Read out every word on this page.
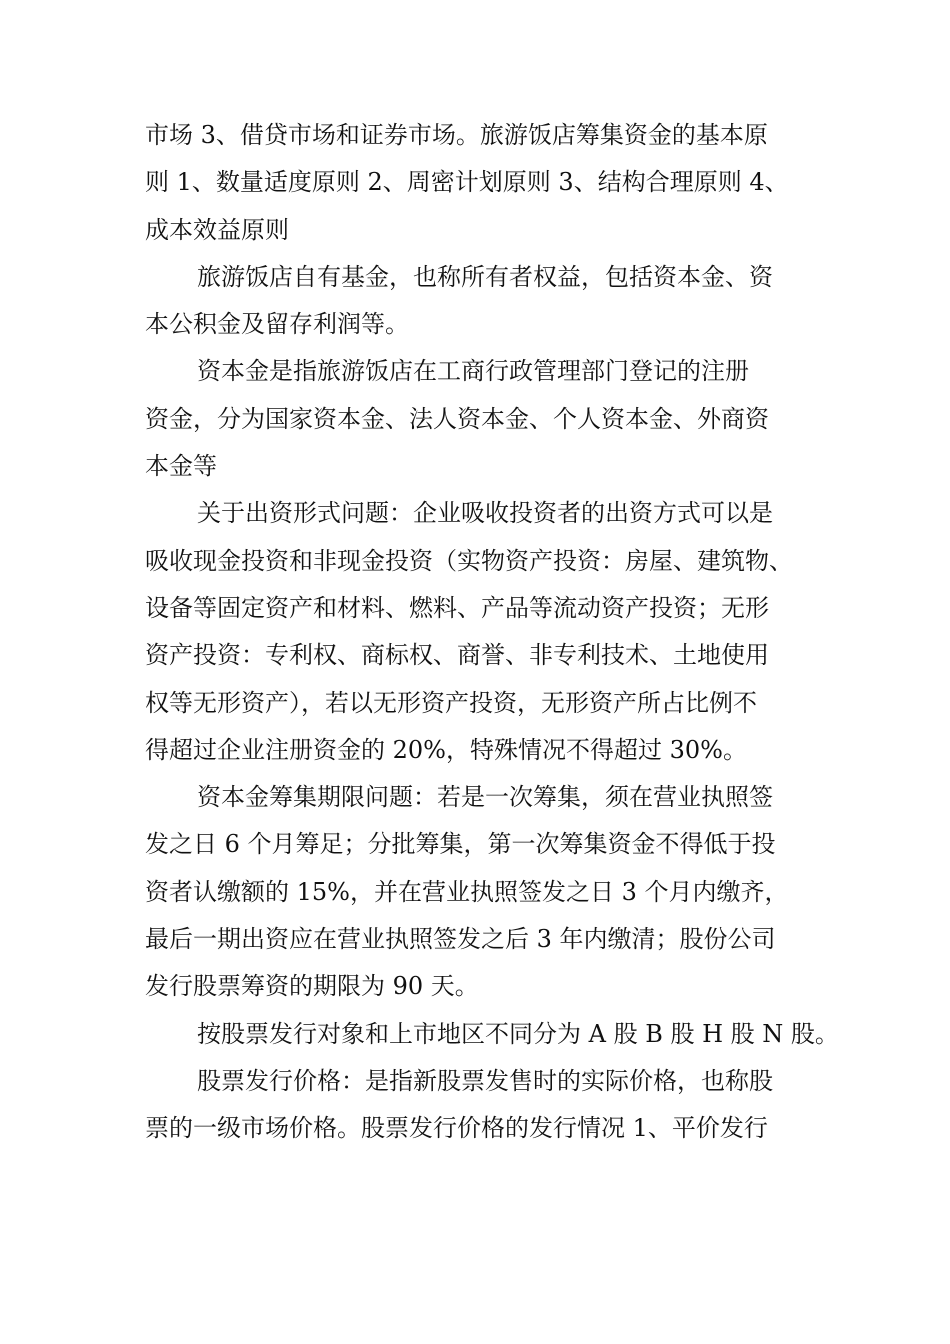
市场 3、借贷市场和证券市场。旅游饭店筹集资金的基本原
则 1、数量适度原则 2、周密计划原则 3、结构合理原则 4、
成本效益原则
旅游饭店自有基金，也称所有者权益，包括资本金、资
本公积金及留存利润等。
资本金是指旅游饭店在工商行政管理部门登记的注册
资金，分为国家资本金、法人资本金、个人资本金、外商资
本金等
关于出资形式问题：企业吸收投资者的出资方式可以是
吸收现金投资和非现金投资（实物资产投资：房屋、建筑物、
设备等固定资产和材料、燃料、产品等流动资产投资；无形
资产投资：专利权、商标权、商誉、非专利技术、土地使用
权等无形资产），若以无形资产投资，无形资产所占比例不
得超过企业注册资金的 20%，特殊情况不得超过 30%。
资本金筹集期限问题：若是一次筹集，须在营业执照签
发之日 6 个月筹足；分批筹集，第一次筹集资金不得低于投
资者认缴额的 15%，并在营业执照签发之日 3 个月内缴齐，
最后一期出资应在营业执照签发之后 3 年内缴清；股份公司
发行股票筹资的期限为 90 天。
按股票发行对象和上市地区不同分为 A 股 B 股 H 股 N 股。
股票发行价格：是指新股票发售时的实际价格，也称股
票的一级市场价格。股票发行价格的发行情况 1、平价发行
